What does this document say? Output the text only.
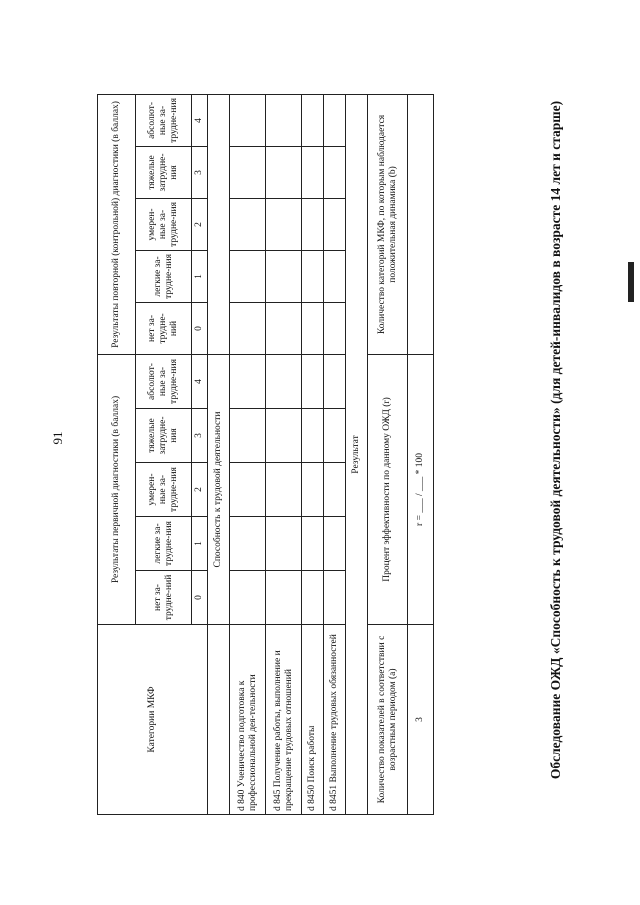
91	Обследование ОЖД «Способность к трудовой деятельности» (для детей-инвалидов в возрасте 14 лет и старше)
Категории МКФ	Результаты первичной диагностики (в баллах)					Результаты повторной (контрольной) диагностики (в баллах)				
	нет за-трудне-ний	легкие за-трудне-ния	умерен-ные за-трудне-ния	тяжелые затрудне-ния	абсолют-ные за-трудне-ния	нет за-трудне-ний	легкие за-трудне-ния	умерен-ные за-трудне-ния	тяжелые затрудне-ния	абсолют-ные за-трудне-ния
	0	1	2	3	4	0	1	2	3	4
	Способность к трудовой деятельности									
d 840 Ученичество подготовка к профессиональной дея-тельности										
d 845 Получение работы, выполнение и прекращение трудовых отношений										
d 8450 Поиск работы										
d 8451 Выполнение трудовых обязанностей										
Результат										
Количество показателей в соответствии с возрастным периодом (a)	Процент эффективности по данному ОЖД (r)					Количество категорий МКФ, по которым наблюдается положительная динамика (b)				
3	r = ___ / ___ * 100									
